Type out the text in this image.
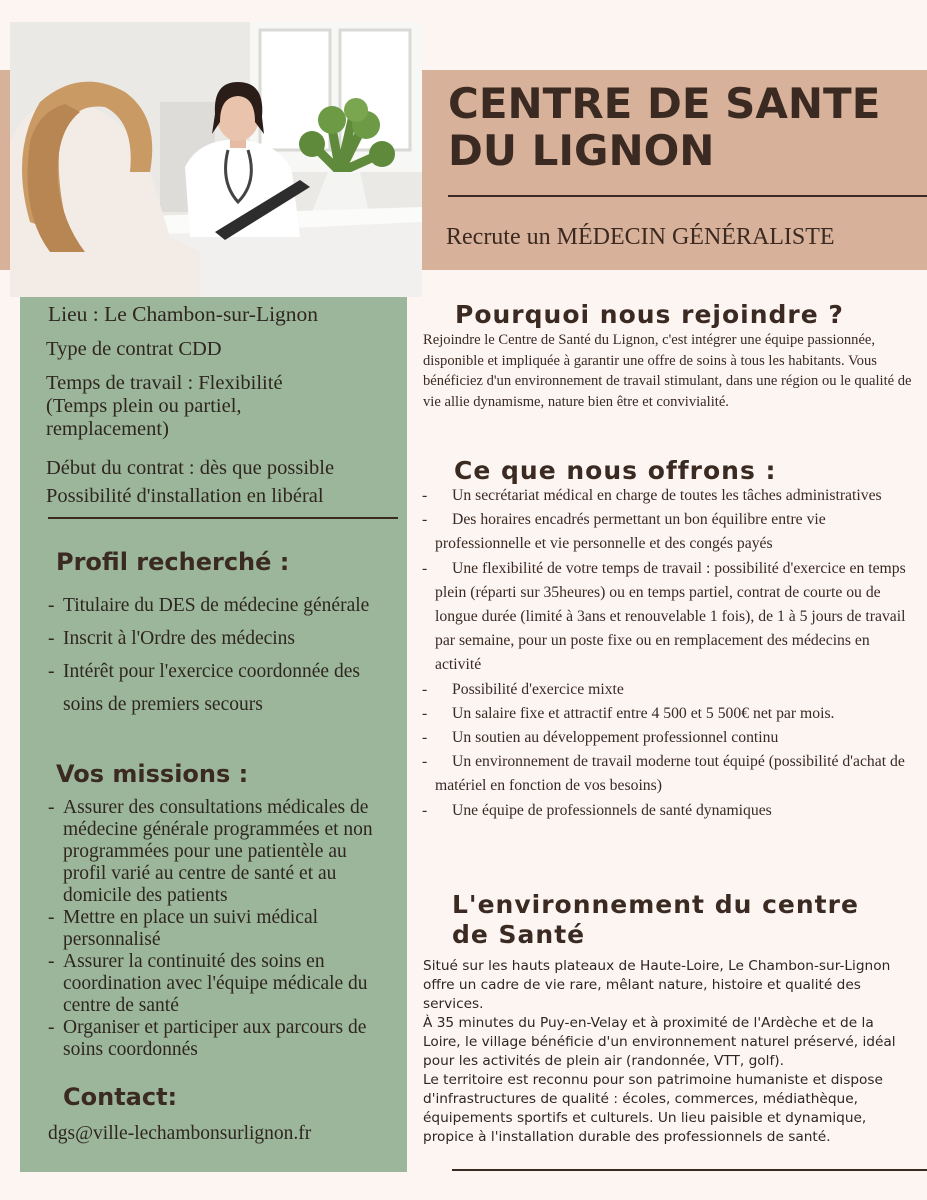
CENTRE DE SANTE DU LIGNON
Recrute un MÉDECIN GÉNÉRALISTE
Lieu : Le Chambon-sur-Lignon
Type de contrat CDD
Temps de travail : Flexibilité (Temps plein ou partiel, remplacement)
Début du contrat : dès que possible
Possibilité d'installation en libéral
Profil recherché :
- Titulaire du DES de médecine générale
- Inscrit à l'Ordre des médecins
- Intérêt pour l'exercice coordonnée des soins de premiers secours
Vos missions :
- Assurer des consultations médicales de médecine générale programmées et non programmées pour une patientèle au profil varié au centre de santé et au domicile des patients
- Mettre en place un suivi médical personnalisé
- Assurer la continuité des soins en coordination avec l'équipe médicale du centre de santé
- Organiser et participer aux parcours de soins coordonnés
Contact:
dgs@ville-lechambonsurlignon.fr
Pourquoi nous rejoindre ?

Rejoindre le Centre de Santé du Lignon, c'est intégrer une équipe passionnée, disponible et impliquée à garantir une offre de soins à tous les habitants. Vous bénéficiez d'un environnement de travail stimulant, dans une région ou le qualité de vie allie dynamisme, nature bien être et convivialité.

Ce que nous offrons :
- Un secrétariat médical en charge de toutes les tâches administratives
- Des horaires encadrés permettant un bon équilibre entre vie professionnelle et vie personnelle et des congés payés
- Une flexibilité de votre temps de travail : possibilité d'exercice en temps plein (réparti sur 35heures) ou en temps partiel, contrat de courte ou de longue durée (limité à 3ans et renouvelable 1 fois), de 1 à 5 jours de travail par semaine, pour un poste fixe ou en remplacement des médecins en activité
- Possibilité d'exercice mixte
- Un salaire fixe et attractif entre 4 500 et 5 500€ net par mois.
- Un soutien au développement professionnel continu
- Un environnement de travail moderne tout équipé (possibilité d'achat de matériel en fonction de vos besoins)
- Une équipe de professionnels de santé dynamiques
L'environnement du centre de Santé

Situé sur les hauts plateaux de Haute-Loire, Le Chambon-sur-Lignon offre un cadre de vie rare, mêlant nature, histoire et qualité des services.

À 35 minutes du Puy-en-Velay et à proximité de l'Ardèche et de la Loire, le village bénéficie d'un environnement naturel préservé, idéal pour les activités de plein air (randonnée, VTT, golf).

Le territoire est reconnu pour son patrimoine humaniste et dispose d'infrastructures de qualité : écoles, commerces, médiathèque, équipements sportifs et culturels. Un lieu paisible et dynamique, propice à l'installation durable des professionnels de santé.
